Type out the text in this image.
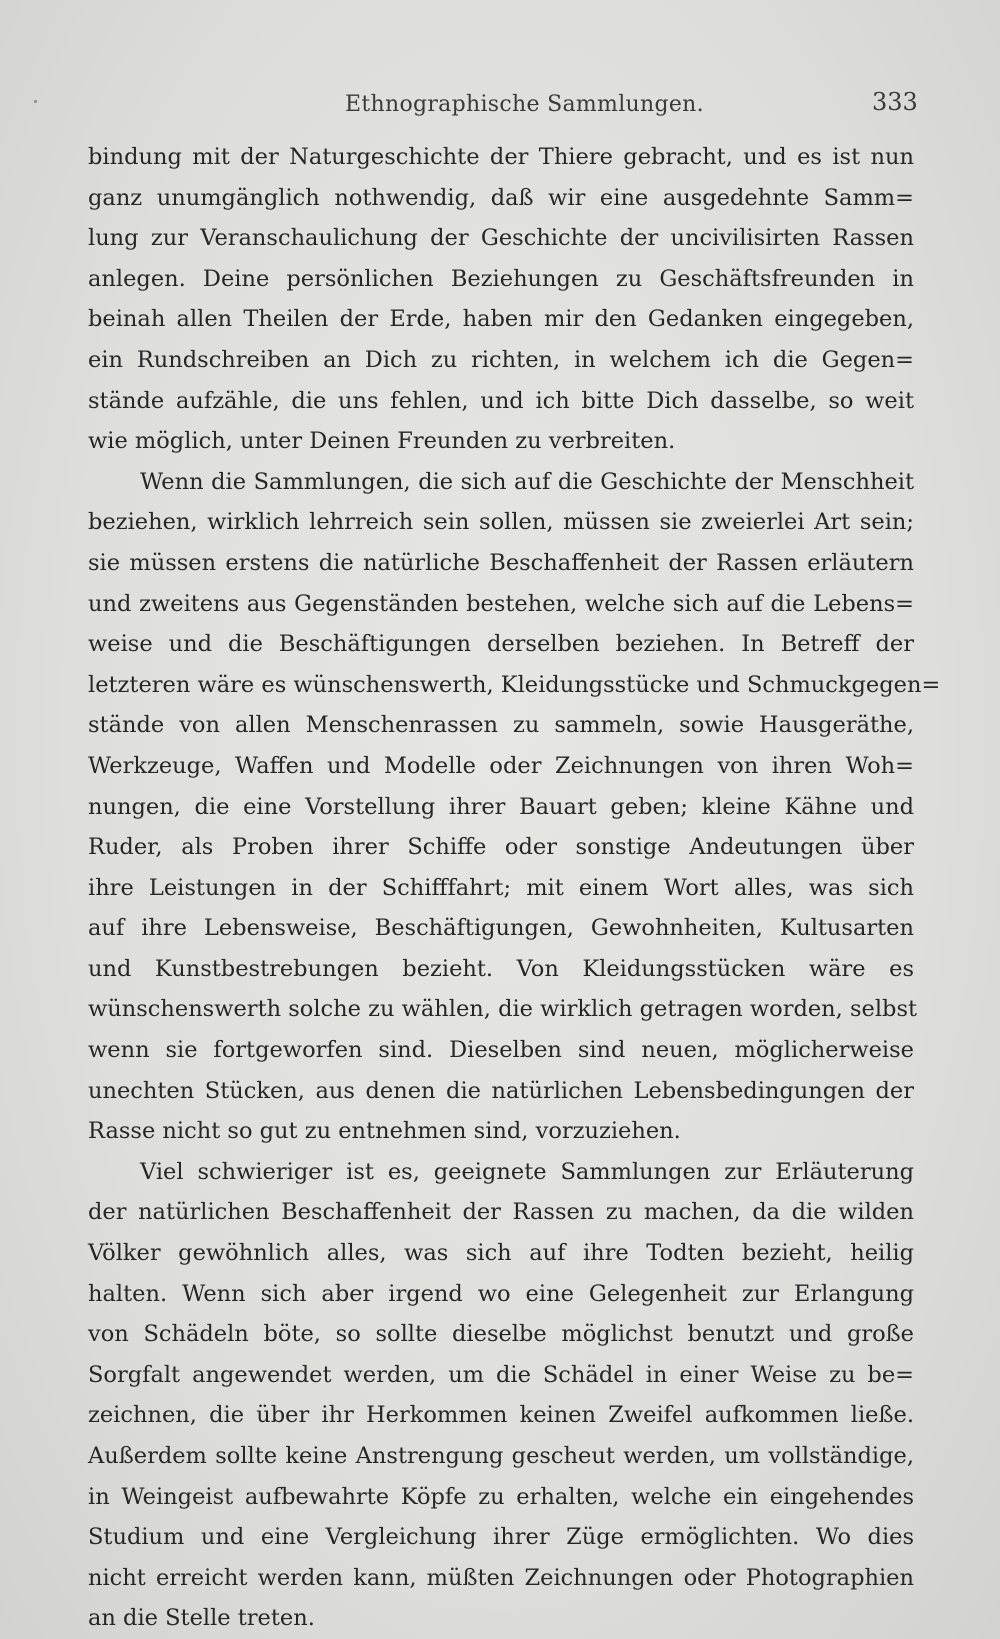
Ethnographische Sammlungen.	333
bindung mit der Naturgeschichte der Thiere gebracht, und es ist nun
ganz unumgänglich nothwendig, daß wir eine ausgedehnte Samm=
lung zur Veranschaulichung der Geschichte der uncivilisirten Rassen
anlegen. Deine persönlichen Beziehungen zu Geschäftsfreunden in
beinah allen Theilen der Erde, haben mir den Gedanken eingegeben,
ein Rundschreiben an Dich zu richten, in welchem ich die Gegen=
stände aufzähle, die uns fehlen, und ich bitte Dich dasselbe, so weit
wie möglich, unter Deinen Freunden zu verbreiten.
Wenn die Sammlungen, die sich auf die Geschichte der Menschheit
beziehen, wirklich lehrreich sein sollen, müssen sie zweierlei Art sein;
sie müssen erstens die natürliche Beschaffenheit der Rassen erläutern
und zweitens aus Gegenständen bestehen, welche sich auf die Lebens=
weise und die Beschäftigungen derselben beziehen. In Betreff der
letzteren wäre es wünschenswerth, Kleidungsstücke und Schmuckgegen=
stände von allen Menschenrassen zu sammeln, sowie Hausgeräthe,
Werkzeuge, Waffen und Modelle oder Zeichnungen von ihren Woh=
nungen, die eine Vorstellung ihrer Bauart geben; kleine Kähne und
Ruder, als Proben ihrer Schiffe oder sonstige Andeutungen über
ihre Leistungen in der Schifffahrt; mit einem Wort alles, was sich
auf ihre Lebensweise, Beschäftigungen, Gewohnheiten, Kultusarten
und Kunstbestrebungen bezieht. Von Kleidungsstücken wäre es
wünschenswerth solche zu wählen, die wirklich getragen worden, selbst
wenn sie fortgeworfen sind. Dieselben sind neuen, möglicherweise
unechten Stücken, aus denen die natürlichen Lebensbedingungen der
Rasse nicht so gut zu entnehmen sind, vorzuziehen.
Viel schwieriger ist es, geeignete Sammlungen zur Erläuterung
der natürlichen Beschaffenheit der Rassen zu machen, da die wilden
Völker gewöhnlich alles, was sich auf ihre Todten bezieht, heilig
halten. Wenn sich aber irgend wo eine Gelegenheit zur Erlangung
von Schädeln böte, so sollte dieselbe möglichst benutzt und große
Sorgfalt angewendet werden, um die Schädel in einer Weise zu be=
zeichnen, die über ihr Herkommen keinen Zweifel aufkommen ließe.
Außerdem sollte keine Anstrengung gescheut werden, um vollständige,
in Weingeist aufbewahrte Köpfe zu erhalten, welche ein eingehendes
Studium und eine Vergleichung ihrer Züge ermöglichten. Wo dies
nicht erreicht werden kann, müßten Zeichnungen oder Photographien
an die Stelle treten.
